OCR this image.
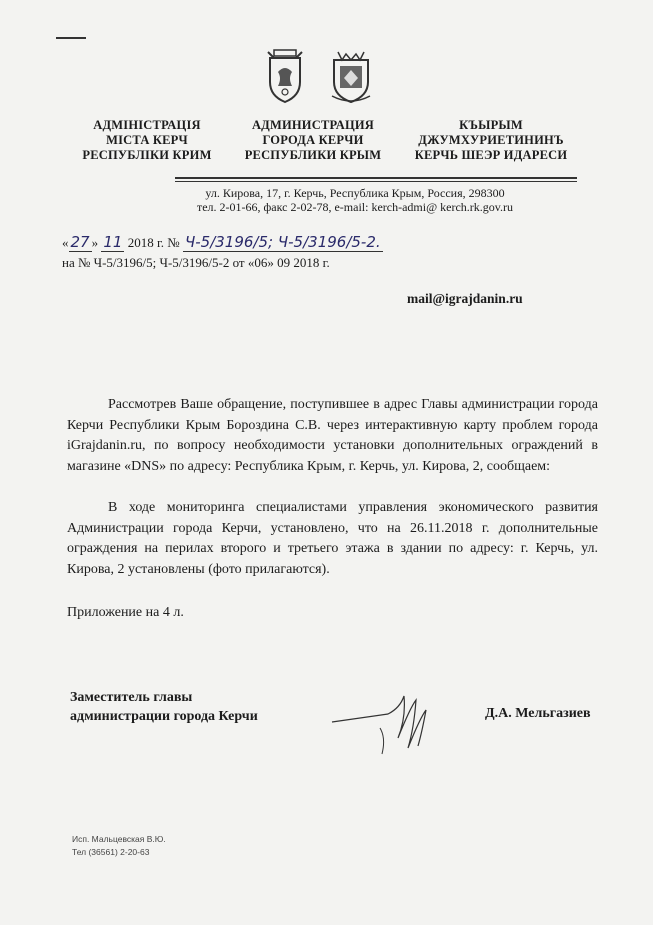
АДМІНІСТРАЦІЯ
МІСТА КЕРЧ
РЕСПУБЛІКИ КРИМ
АДМИНИСТРАЦИЯ
ГОРОДА КЕРЧИ
РЕСПУБЛИКИ КРЫМ
КЪЫРЫМ
ДЖУМХУРИЕТИНИНЪ
КЕРЧЬ ШЕЭР ИДАРЕСИ
ул. Кирова, 17, г. Керчь, Республика Крым, Россия, 298300
тел. 2-01-66, факс 2-02-78, e-mail: kerch-admi@ kerch.rk.gov.ru
« 27 » 11 2018 г. № Ч-5/3196/5; Ч-5/3196/5-2.
на № Ч-5/3196/5; Ч-5/3196/5-2 от «06» 09 2018 г.
mail@igrajdanin.ru
Рассмотрев Ваше обращение, поступившее в адрес Главы администрации города Керчи Республики Крым Бороздина С.В. через интерактивную карту проблем города iGrajdanin.ru, по вопросу необходимости установки дополнительных ограждений в магазине «DNS» по адресу: Республика Крым, г. Керчь, ул. Кирова, 2, сообщаем:
В ходе мониторинга специалистами управления экономического развития Администрации города Керчи, установлено, что на 26.11.2018 г. дополнительные ограждения на перилах второго и третьего этажа в здании по адресу: г. Керчь, ул. Кирова, 2 установлены (фото прилагаются).
Приложение на 4 л.
Заместитель главы
администрации города Керчи	Д.А. Мельгазиев
Исп. Мальцевская В.Ю.
Тел (36561) 2-20-63
